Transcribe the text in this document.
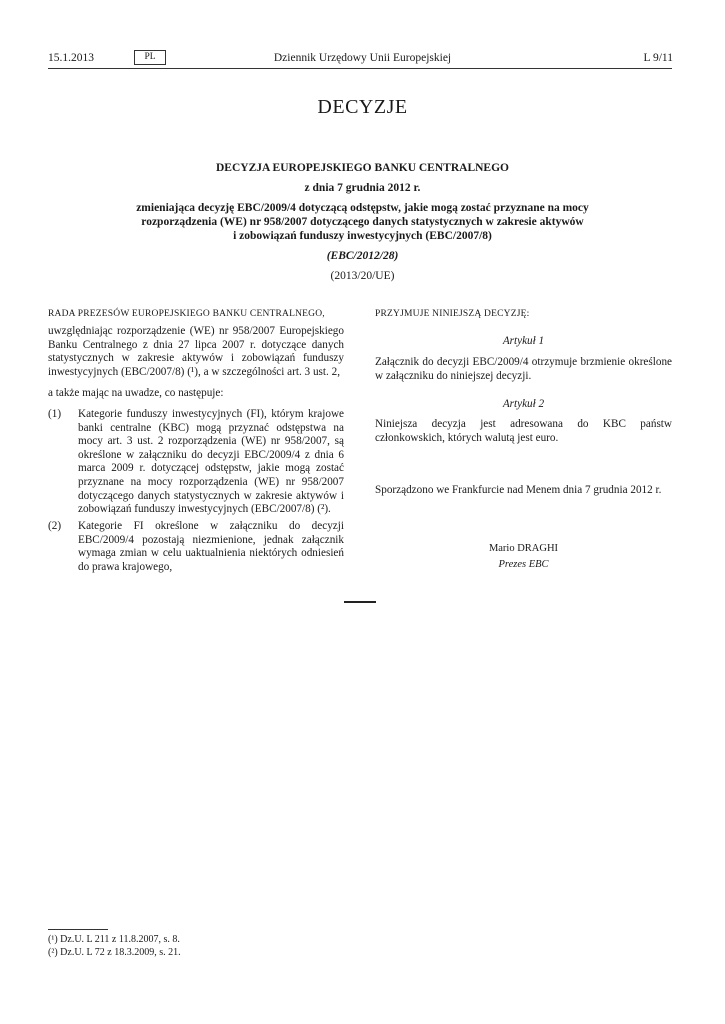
15.1.2013	PL	Dziennik Urzędowy Unii Europejskiej	L 9/11
DECYZJE
DECYZJA EUROPEJSKIEGO BANKU CENTRALNEGO
z dnia 7 grudnia 2012 r.
zmieniająca decyzję EBC/2009/4 dotyczącą odstępstw, jakie mogą zostać przyznane na mocy
rozporządzenia (WE) nr 958/2007 dotyczącego danych statystycznych w zakresie aktywów
i zobowiązań funduszy inwestycyjnych (EBC/2007/8)
(EBC/2012/28)
(2013/20/UE)
RADA PREZESÓW EUROPEJSKIEGO BANKU CENTRALNEGO,
uwzględniając rozporządzenie (WE) nr 958/2007 Europejskiego Banku Centralnego z dnia 27 lipca 2007 r. dotyczące danych statystycznych w zakresie aktywów i zobowiązań funduszy inwestycyjnych (EBC/2007/8) (¹), a w szczególności art. 3 ust. 2,
a także mając na uwadze, co następuje:
(1) Kategorie funduszy inwestycyjnych (FI), którym krajowe banki centralne (KBC) mogą przyznać odstępstwa na mocy art. 3 ust. 2 rozporządzenia (WE) nr 958/2007, są określone w załączniku do decyzji EBC/2009/4 z dnia 6 marca 2009 r. dotyczącej odstępstw, jakie mogą zostać przyznane na mocy rozporządzenia (WE) nr 958/2007 dotyczącego danych statystycznych w zakresie aktywów i zobowiązań funduszy inwestycyjnych (EBC/2007/8) (²).
(2) Kategorie FI określone w załączniku do decyzji EBC/2009/4 pozostają niezmienione, jednak załącznik wymaga zmian w celu uaktualnienia niektórych odniesień do prawa krajowego,
PRZYJMUJE NINIEJSZĄ DECYZJĘ:
Artykuł 1
Załącznik do decyzji EBC/2009/4 otrzymuje brzmienie określone w załączniku do niniejszej decyzji.
Artykuł 2
Niniejsza decyzja jest adresowana do KBC państw członkowskich, których walutą jest euro.
Sporządzono we Frankfurcie nad Menem dnia 7 grudnia 2012 r.
Mario DRAGHI
Prezes EBC
(¹) Dz.U. L 211 z 11.8.2007, s. 8.
(²) Dz.U. L 72 z 18.3.2009, s. 21.
